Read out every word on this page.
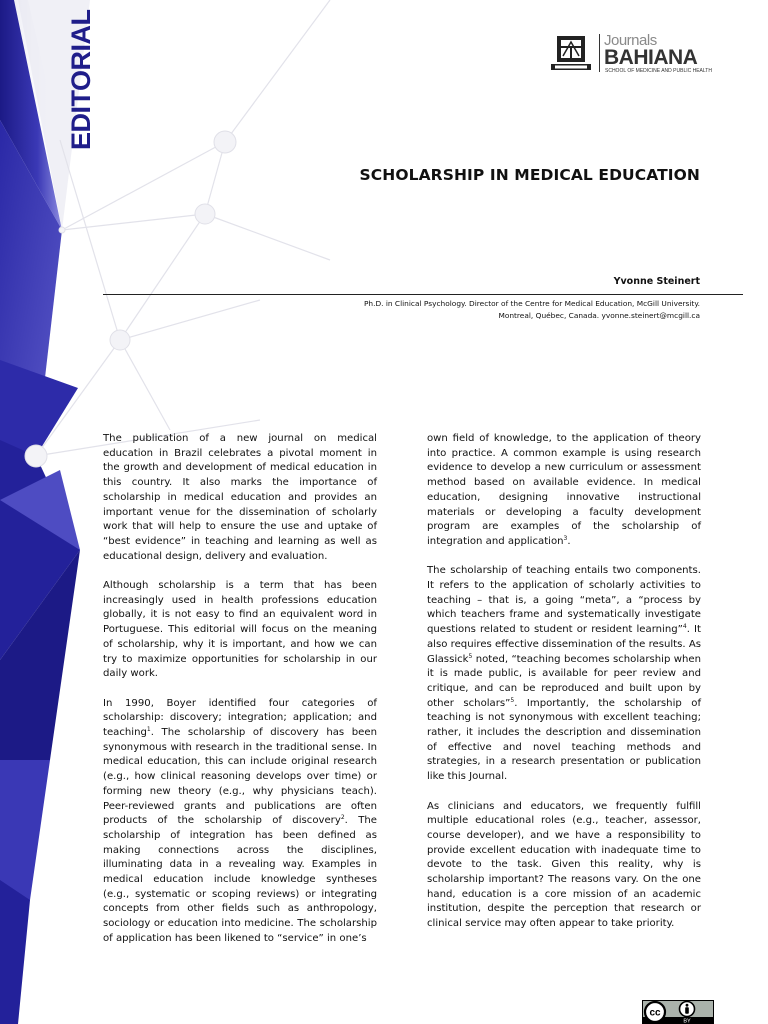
EDITORIAL	Journals
BAHIANA
SCHOOL OF MEDICINE AND PUBLIC HEALTH
SCHOLARSHIP IN MEDICAL EDUCATION
Yvonne Steinert
Ph.D. in Clinical Psychology. Director of the Centre for Medical Education, McGill University.
Montreal, Québec, Canada. yvonne.steinert@mcgill.ca

The publication of a new journal on medical education in Brazil celebrates a pivotal moment in the growth and development of medical education in this country. It also marks the importance of scholarship in medical education and provides an important venue for the dissemination of scholarly work that will help to ensure the use and uptake of “best evidence” in teaching and learning as well as educational design, delivery and evaluation.

Although scholarship is a term that has been increasingly used in health professions education globally, it is not easy to find an equivalent word in Portuguese. This editorial will focus on the meaning of scholarship, why it is important, and how we can try to maximize opportunities for scholarship in our daily work.

In 1990, Boyer identified four categories of scholarship: discovery; integration; application; and teaching$^1$. The scholarship of discovery has been synonymous with research in the traditional sense. In medical education, this can include original research (e.g., how clinical reasoning develops over time) or forming new theory (e.g., why physicians teach). Peer-reviewed grants and publications are often products of the scholarship of discovery$^2$. The scholarship of integration has been defined as making connections across the disciplines, illuminating data in a revealing way. Examples in medical education include knowledge syntheses (e.g., systematic or scoping reviews) or integrating concepts from other fields such as anthropology, sociology or education into medicine. The scholarship of application has been likened to “service” in one’s

own field of knowledge, to the application of theory into practice. A common example is using research evidence to develop a new curriculum or assessment method based on available evidence. In medical education, designing innovative instructional materials or developing a faculty development program are examples of the scholarship of integration and application$^3$.

The scholarship of teaching entails two components. It refers to the application of scholarly activities to teaching – that is, a going “meta”, a “process by which teachers frame and systematically investigate questions related to student or resident learning”$^4$. It also requires effective dissemination of the results. As Glassick$^5$ noted, “teaching becomes scholarship when it is made public, is available for peer review and critique, and can be reproduced and built upon by other scholars”$^5$. Importantly, the scholarship of teaching is not synonymous with excellent teaching; rather, it includes the description and dissemination of effective and novel teaching methods and strategies, in a research presentation or publication like this Journal.

As clinicians and educators, we frequently fulfill multiple educational roles (e.g., teacher, assessor, course developer), and we have a responsibility to provide excellent education with inadequate time to devote to the task. Given this reality, why is scholarship important? The reasons vary. On the one hand, education is a core mission of an academic institution, despite the perception that research or clinical service may often appear to take priority.

cc
BY
